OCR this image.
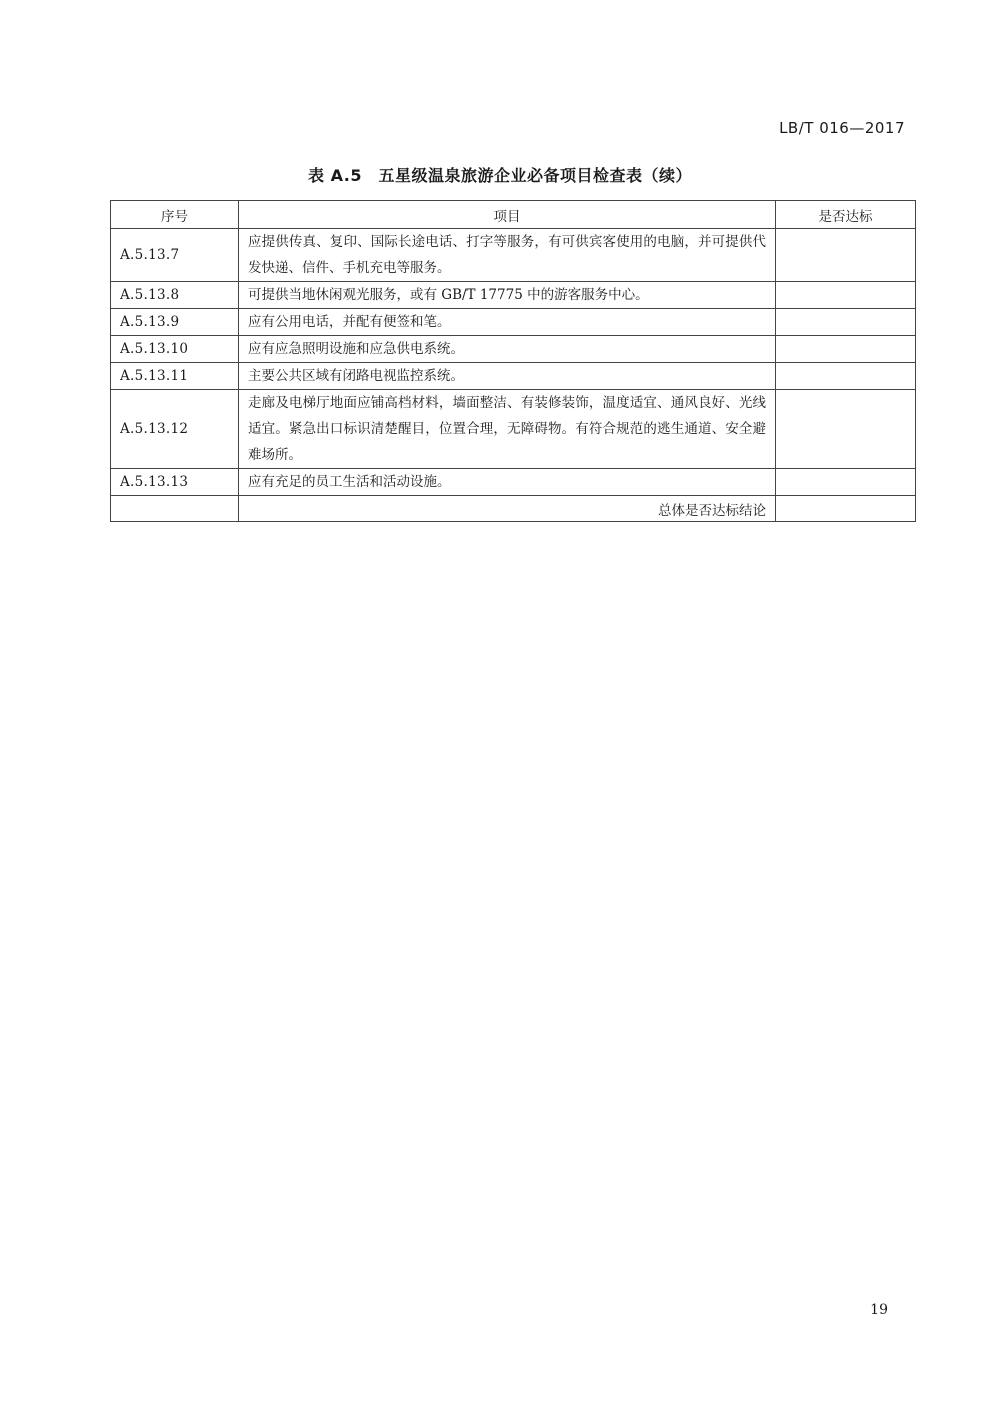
LB/T 016—2017
表 A.5　五星级温泉旅游企业必备项目检查表（续）
序号	项目	是否达标
A.5.13.7	应提供传真、复印、国际长途电话、打字等服务，有可供宾客使用的电脑，并可提供代发快递、信件、手机充电等服务。	
A.5.13.8	可提供当地休闲观光服务，或有 GB/T 17775 中的游客服务中心。	
A.5.13.9	应有公用电话，并配有便签和笔。	
A.5.13.10	应有应急照明设施和应急供电系统。	
A.5.13.11	主要公共区域有闭路电视监控系统。	
A.5.13.12	走廊及电梯厅地面应铺高档材料，墙面整洁、有装修装饰，温度适宜、通风良好、光线适宜。紧急出口标识清楚醒目，位置合理，无障碍物。有符合规范的逃生通道、安全避难场所。	
A.5.13.13	应有充足的员工生活和活动设施。	
	总体是否达标结论	
19
